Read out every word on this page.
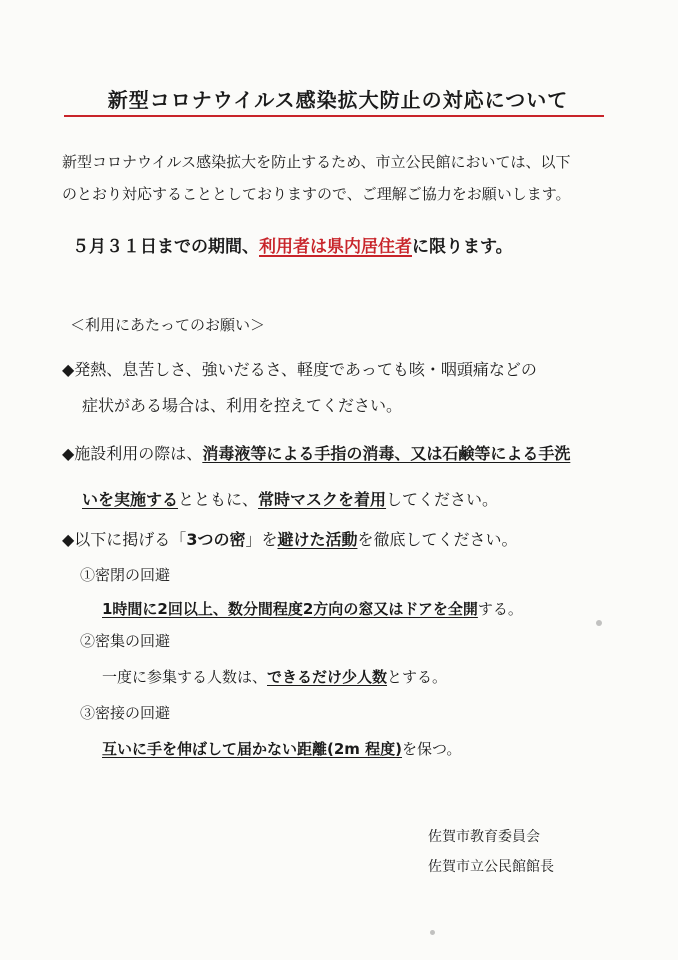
新型コロナウイルス感染拡大防止の対応について
新型コロナウイルス感染拡大を防止するため、市立公民館においては、以下
のとおり対応することとしておりますので、ご理解ご協力をお願いします。
５月３１日までの期間、利用者は県内居住者に限ります。
＜利用にあたってのお願い＞
◆発熱、息苦しさ、強いだるさ、軽度であっても咳・咽頭痛などの
症状がある場合は、利用を控えてください。
◆施設利用の際は、消毒液等による手指の消毒、又は石鹸等による手洗
いを実施するとともに、常時マスクを着用してください。
◆以下に掲げる「3つの密」を避けた活動を徹底してください。
①密閉の回避
1時間に2回以上、数分間程度2方向の窓又はドアを全開する。
②密集の回避
一度に参集する人数は、できるだけ少人数とする。
③密接の回避
互いに手を伸ばして届かない距離(2m 程度)を保つ。
佐賀市教育委員会
佐賀市立公民館館長
